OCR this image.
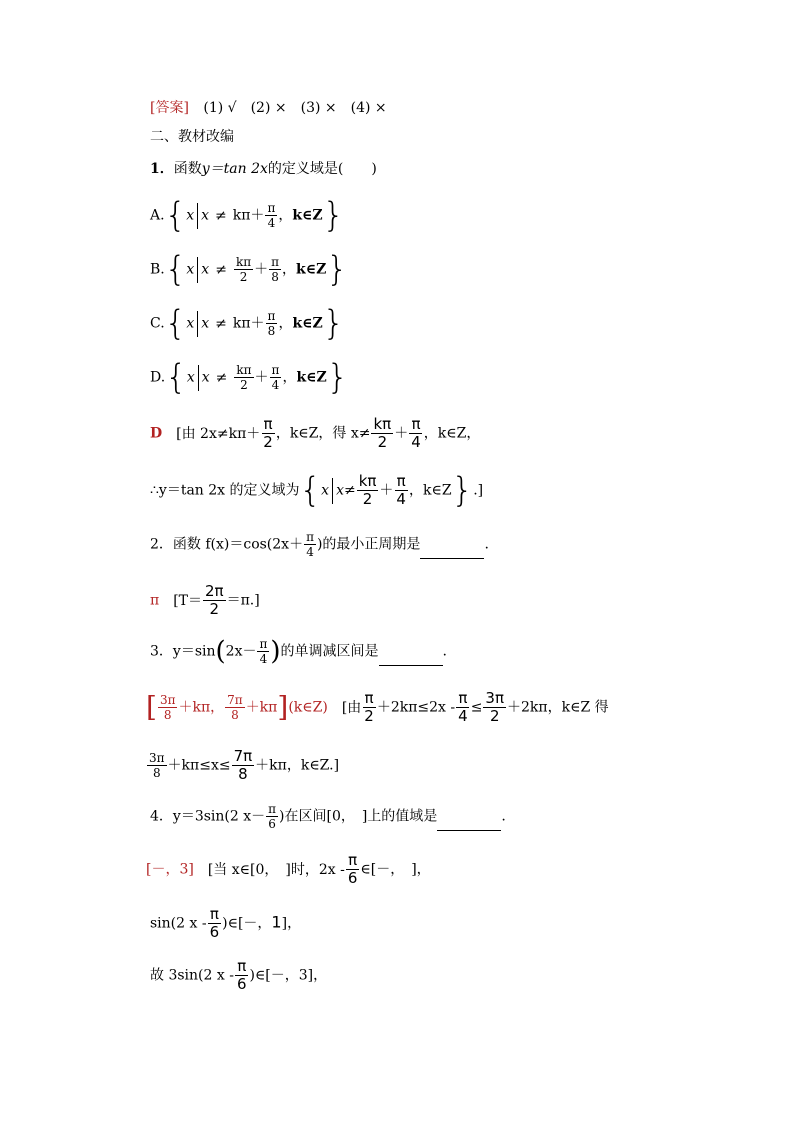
[答案] (1) √　(2) ×　(3) ×　(4) ×
二、教材改编
1．函数y＝tan 2x的定义域是(　　)
A.{x $x \ne k\pi+ \frac{\pi}{4}$ ，k∈Z}
B.{x $x \ne \frac{k\pi}{2} + \frac{\pi}{8}$ ，k∈Z}
C.{x $x \ne k\pi+ \frac{\pi}{8}$ ，k∈Z}
D.{x $x \ne \frac{k\pi}{2} + \frac{\pi}{4}$ ，k∈Z}
D [由 $2x\ne k\pi+ \frac{\pi}{2}$ ，k∈Z，得 $x\ne \frac{k\pi}{2} + \frac{\pi}{4}$ ，k∈Z，
∴y＝tan 2x 的定义域为{x $x\ne \frac{k\pi}{2} + \frac{\pi}{4}$ ，k∈Z}.]
2．函数 $f(x)=\cos(2x+ \frac{\pi}{4}$ )的最小正周期是	.
π $[T= \frac{2\pi}{2} =\pi.]$
3．$y=\sin(2x- \frac{\pi}{4}$ )的单调减区间是	.
[ $\frac{3\pi}{8} +k\pi$， $\frac{7\pi}{8}$ ＋kπ](k∈Z) [由 $\frac{\pi}{2} +2k\pi\le 2x - \frac{\pi}{4} \le \frac{3\pi}{2} +2k\pi$，k∈Z 得
$\frac{3\pi}{8} +k\pi\le x\le \frac{7\pi}{8} +k\pi$，k∈Z.]
4．y＝3sin(2 $x- \frac{\pi}{6}$ )在区间[0，　]上的值域是	.
[－，3] [当 x∈[0，　]时，$2x - \frac{\pi}{6}$ ∈[－，　]，
sin(2 x - $\frac{\pi}{6}$ )∈[－，1]，
故 3sin(2 x - $\frac{\pi}{6}$ )∈[－，3]，
